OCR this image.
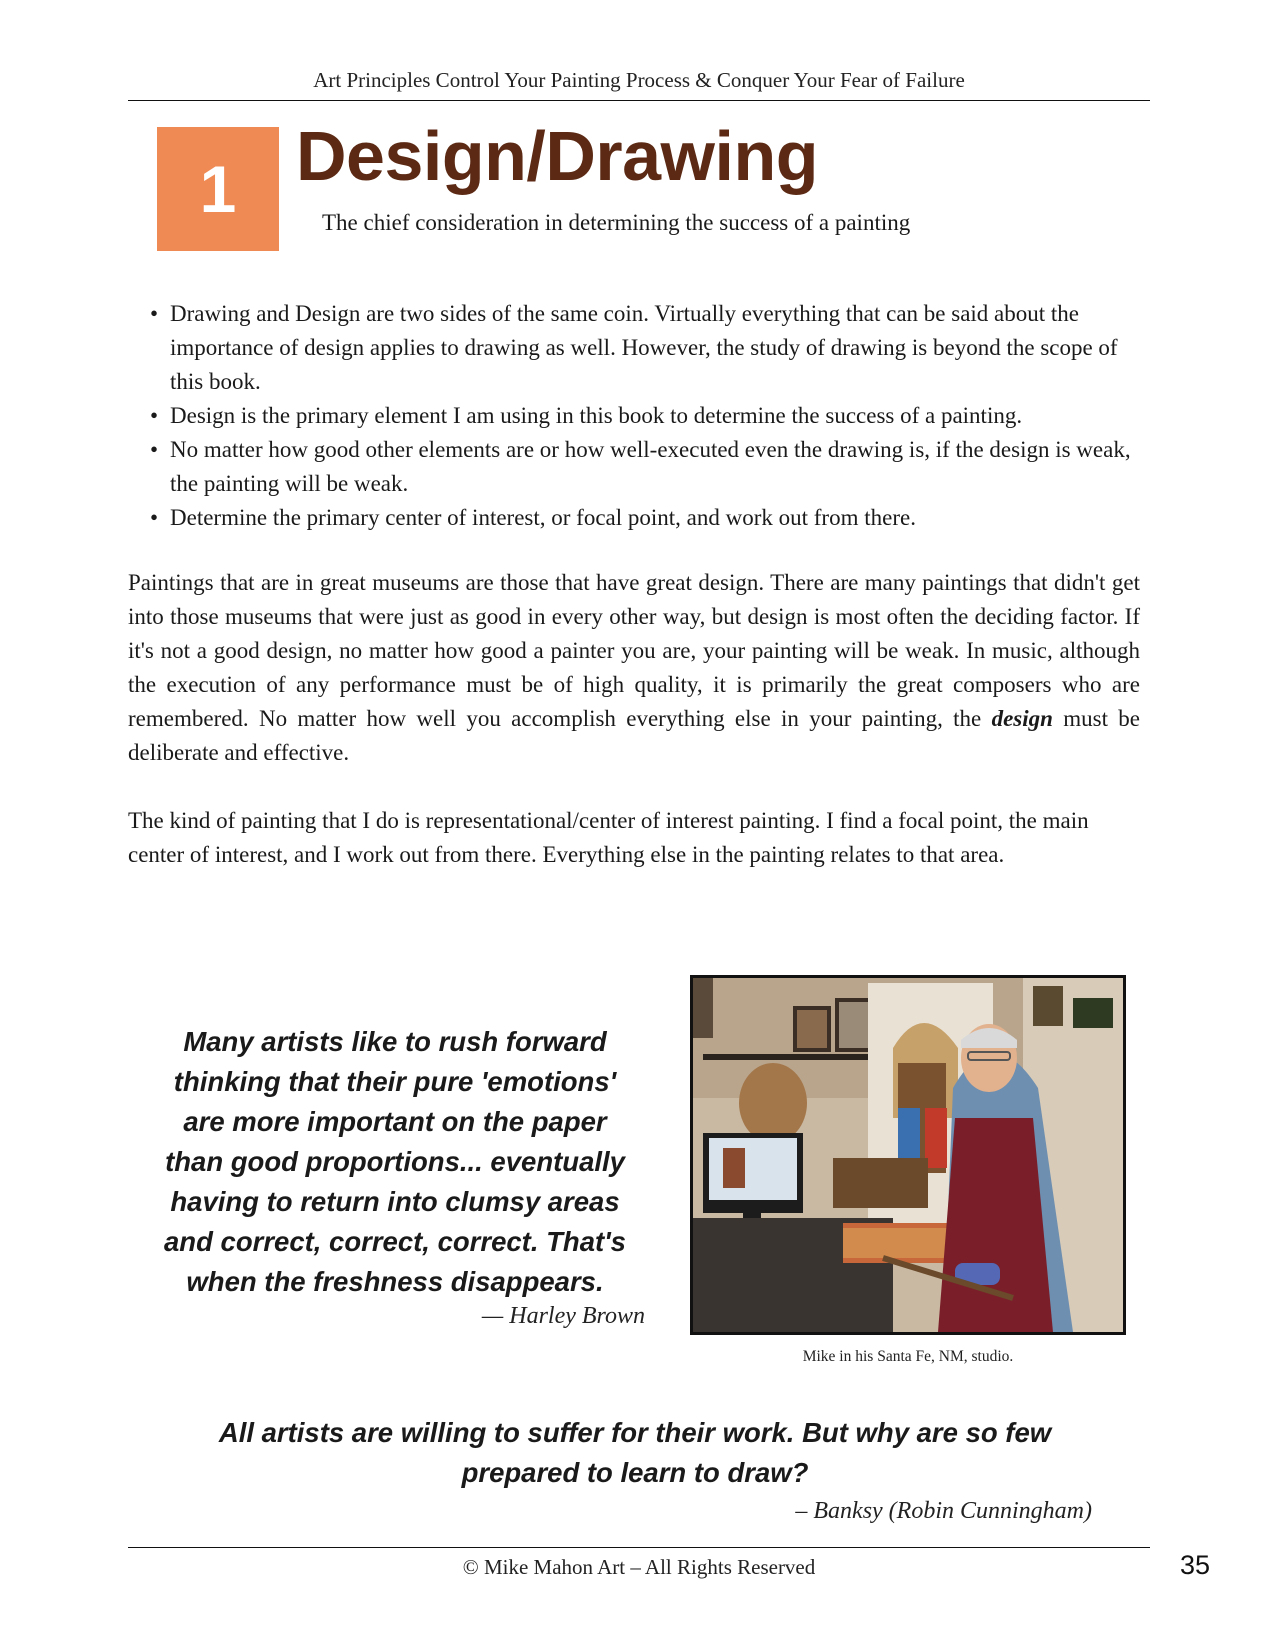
Art Principles Control Your Painting Process & Conquer Your Fear of Failure
1 Design/Drawing
The chief consideration in determining the success of a painting
• Drawing and Design are two sides of the same coin. Virtually everything that can be said about the importance of design applies to drawing as well. However, the study of drawing is beyond the scope of this book.
• Design is the primary element I am using in this book to determine the success of a painting.
• No matter how good other elements are or how well-executed even the drawing is, if the design is weak, the painting will be weak.
• Determine the primary center of interest, or focal point, and work out from there.

Paintings that are in great museums are those that have great design. There are many paintings that didn't get into those museums that were just as good in every other way, but design is most often the deciding factor. If it's not a good design, no matter how good a painter you are, your painting will be weak. In music, although the execution of any performance must be of high quality, it is primarily the great composers who are remembered. No matter how well you accomplish everything else in your painting, the design must be deliberate and effective.

The kind of painting that I do is representational/center of interest painting. I find a focal point, the main center of interest, and I work out from there. Everything else in the painting relates to that area.

Many artists like to rush forward
thinking that their pure 'emotions'
are more important on the paper
than good proportions... eventually
having to return into clumsy areas
and correct, correct, correct. That's
when the freshness disappears.
— Harley Brown
Mike in his Santa Fe, NM, studio.
All artists are willing to suffer for their work. But why are so few
prepared to learn to draw?
– Banksy (Robin Cunningham)
© Mike Mahon Art – All Rights Reserved	35
